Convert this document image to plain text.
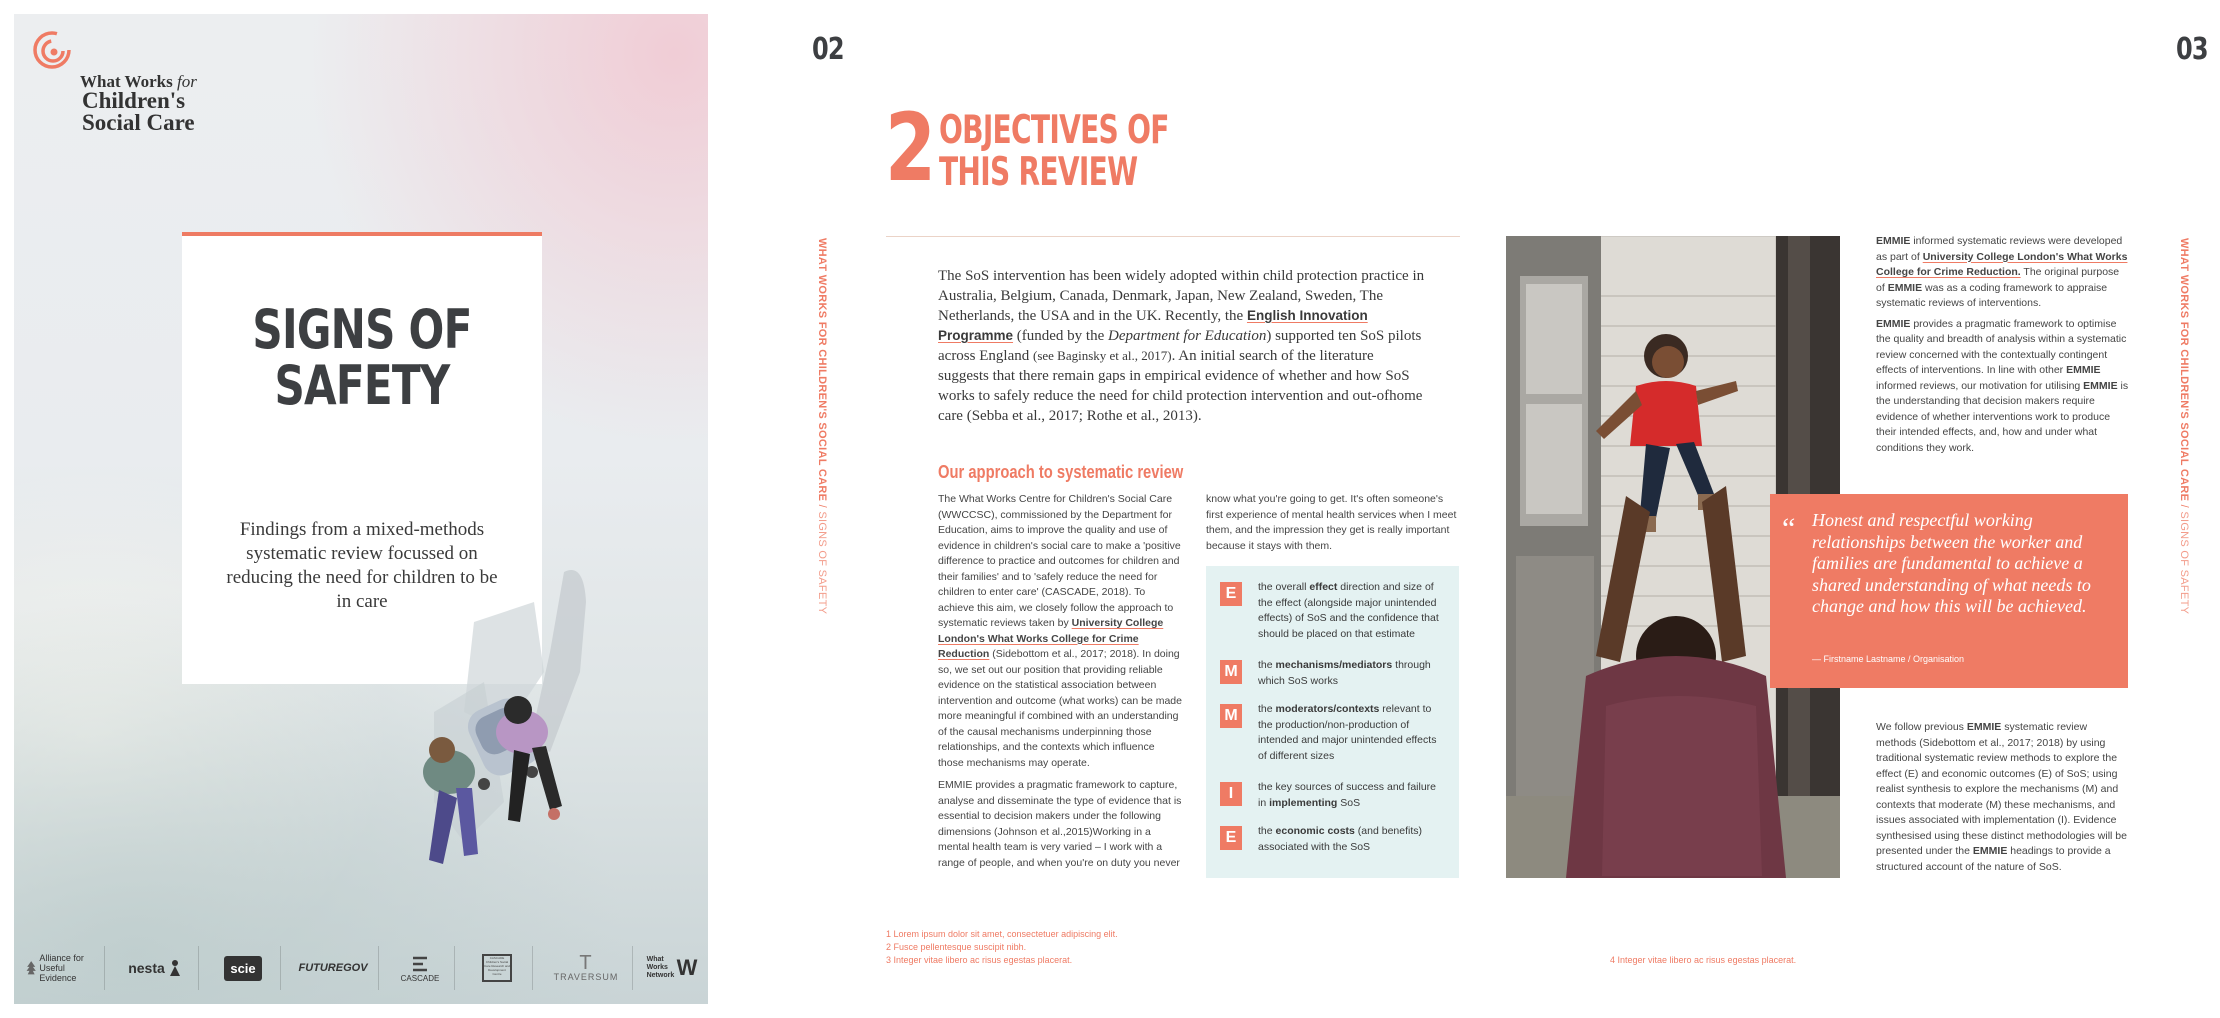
What Works for
Children's
Social Care
SIGNS OF
SAFETY
Findings from a mixed-methods systematic review focussed on reducing the need for children to be in care
Alliance for Useful Evidence
nesta	scie	FUTUREGOV
CASCADE
CASCADE Children's Social Care Research and Development Centre	T
TRAVERSUM
What Works Network W
02	03
WHAT WORKS FOR CHILDREN'S SOCIAL CARE / SIGNS OF SAFETY
WHAT WORKS FOR CHILDREN'S SOCIAL CARE / SIGNS OF SAFETY
2 OBJECTIVES OF
THIS REVIEW
The SoS intervention has been widely adopted within child protection practice in Australia, Belgium, Canada, Denmark, Japan, New Zealand, Sweden, The Netherlands, the USA and in the UK. Recently, the English Innovation Programme (funded by the Department for Education) supported ten SoS pilots across England (see Baginsky et al., 2017). An initial search of the literature suggests that there remain gaps in empirical evidence of whether and how SoS works to safely reduce the need for child protection intervention and out-ofhome care (Sebba et al., 2017; Rothe et al., 2013).
Our approach to systematic review

The What Works Centre for Children's Social Care (WWCCSC), commissioned by the Department for Education, aims to improve the quality and use of evidence in children's social care to make a 'positive difference to practice and outcomes for children and their families' and to 'safely reduce the need for children to enter care' (CASCADE, 2018). To achieve this aim, we closely follow the approach to systematic reviews taken by University College London's What Works College for Crime Reduction (Sidebottom et al., 2017; 2018). In doing so, we set out our position that providing reliable evidence on the statistical association between intervention and outcome (what works) can be made more meaningful if combined with an understanding of the causal mechanisms underpinning those relationships, and the contexts which influence those mechanisms may operate.

EMMIE provides a pragmatic framework to capture, analyse and disseminate the type of evidence that is essential to decision makers under the following dimensions (Johnson et al.,2015)Working in a mental health team is very varied – I work with a range of people, and when you're on duty you never

know what you're going to get. It's often someone's first experience of mental health services when I meet them, and the impression they get is really important because it stays with them.

E	the overall effect direction and size of the effect (alongside major unintended effects) of SoS and the confidence that should be placed on that estimate
M	the mechanisms/mediators through which SoS works
M	the moderators/contexts relevant to the production/non-production of intended and major unintended effects of different sizes
I	the key sources of success and failure in implementing SoS
E	the economic costs (and benefits) associated with the SoS

EMMIE informed systematic reviews were developed as part of University College London's What Works College for Crime Reduction. The original purpose of EMMIE was as a coding framework to appraise systematic reviews of interventions.

EMMIE provides a pragmatic framework to optimise the quality and breadth of analysis within a systematic review concerned with the contextually contingent effects of interventions. In line with other EMMIE informed reviews, our motivation for utilising EMMIE is the understanding that decision makers require evidence of whether interventions work to produce their intended effects, and, how and under what conditions they work.

“ Honest and respectful working relationships between the worker and families are fundamental to achieve a shared understanding of what needs to change and how this will be achieved.
— Firstname Lastname / Organisation
We follow previous EMMIE systematic review methods (Sidebottom et al., 2017; 2018) by using traditional systematic review methods to explore the effect (E) and economic outcomes (E) of SoS; using realist synthesis to explore the mechanisms (M) and contexts that moderate (M) these mechanisms, and issues associated with implementation (I). Evidence synthesised using these distinct methodologies will be presented under the EMMIE headings to provide a structured account of the nature of SoS.
1 Lorem ipsum dolor sit amet, consectetuer adipiscing elit.
2 Fusce pellentesque suscipit nibh.
3 Integer vitae libero ac risus egestas placerat.	4 Integer vitae libero ac risus egestas placerat.
